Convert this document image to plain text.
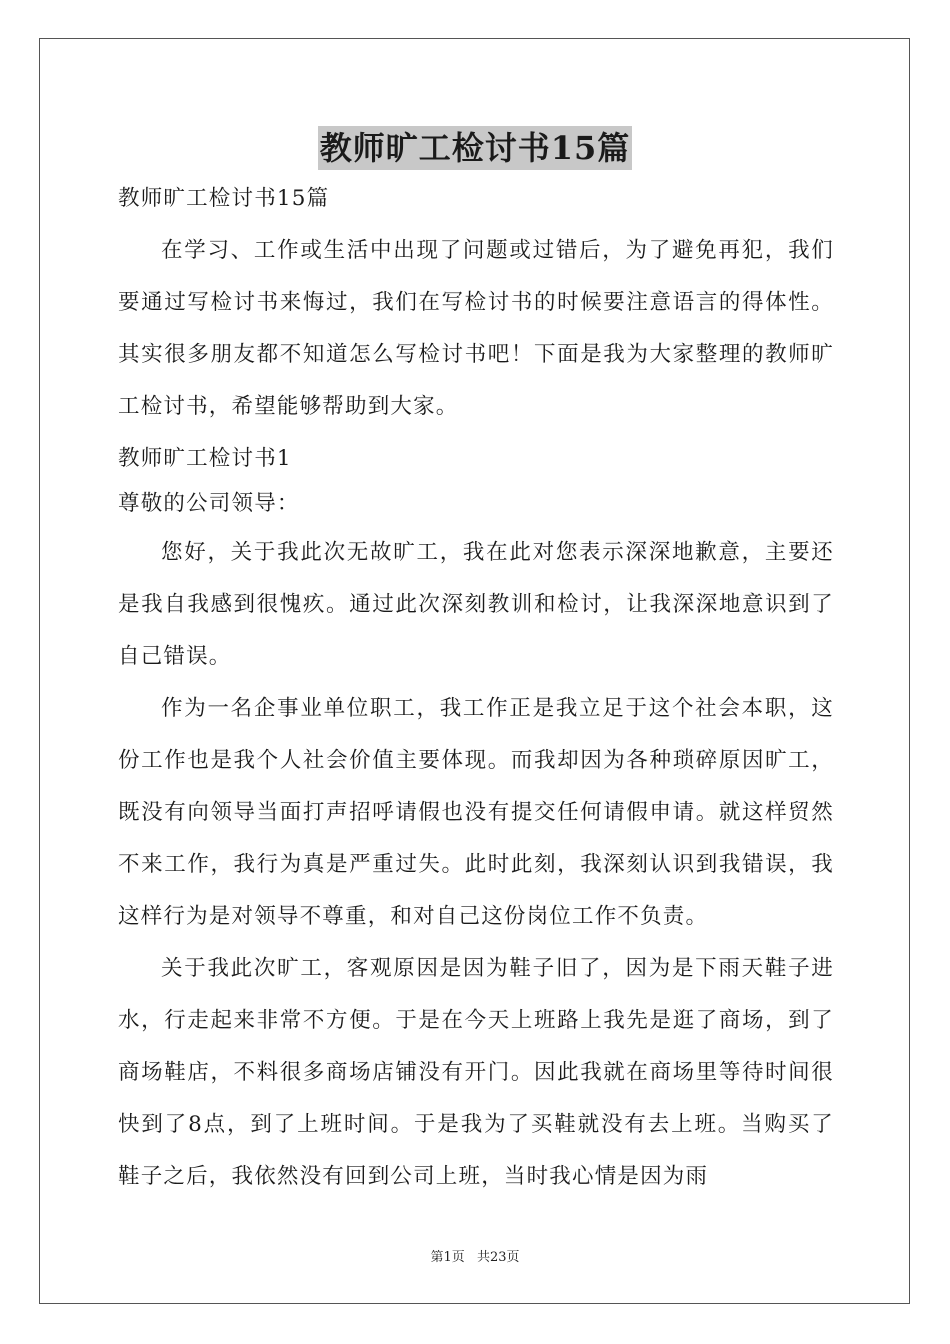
教师旷工检讨书15篇
教师旷工检讨书15篇

在学习、工作或生活中出现了问题或过错后，为了避免再犯，我们要通过写检讨书来悔过，我们在写检讨书的时候要注意语言的得体性。其实很多朋友都不知道怎么写检讨书吧！下面是我为大家整理的教师旷工检讨书，希望能够帮助到大家。

教师旷工检讨书1
尊敬的公司领导：

您好，关于我此次无故旷工，我在此对您表示深深地歉意，主要还是我自我感到很愧疚。通过此次深刻教训和检讨，让我深深地意识到了自己错误。

作为一名企事业单位职工，我工作正是我立足于这个社会本职，这份工作也是我个人社会价值主要体现。而我却因为各种琐碎原因旷工，既没有向领导当面打声招呼请假也没有提交任何请假申请。就这样贸然不来工作，我行为真是严重过失。此时此刻，我深刻认识到我错误，我这样行为是对领导不尊重，和对自己这份岗位工作不负责。

关于我此次旷工，客观原因是因为鞋子旧了，因为是下雨天鞋子进水，行走起来非常不方便。于是在今天上班路上我先是逛了商场，到了商场鞋店，不料很多商场店铺没有开门。因此我就在商场里等待时间很快到了8点，到了上班时间。于是我为了买鞋就没有去上班。当购买了鞋子之后，我依然没有回到公司上班，当时我心情是因为雨

第1页 共23页
